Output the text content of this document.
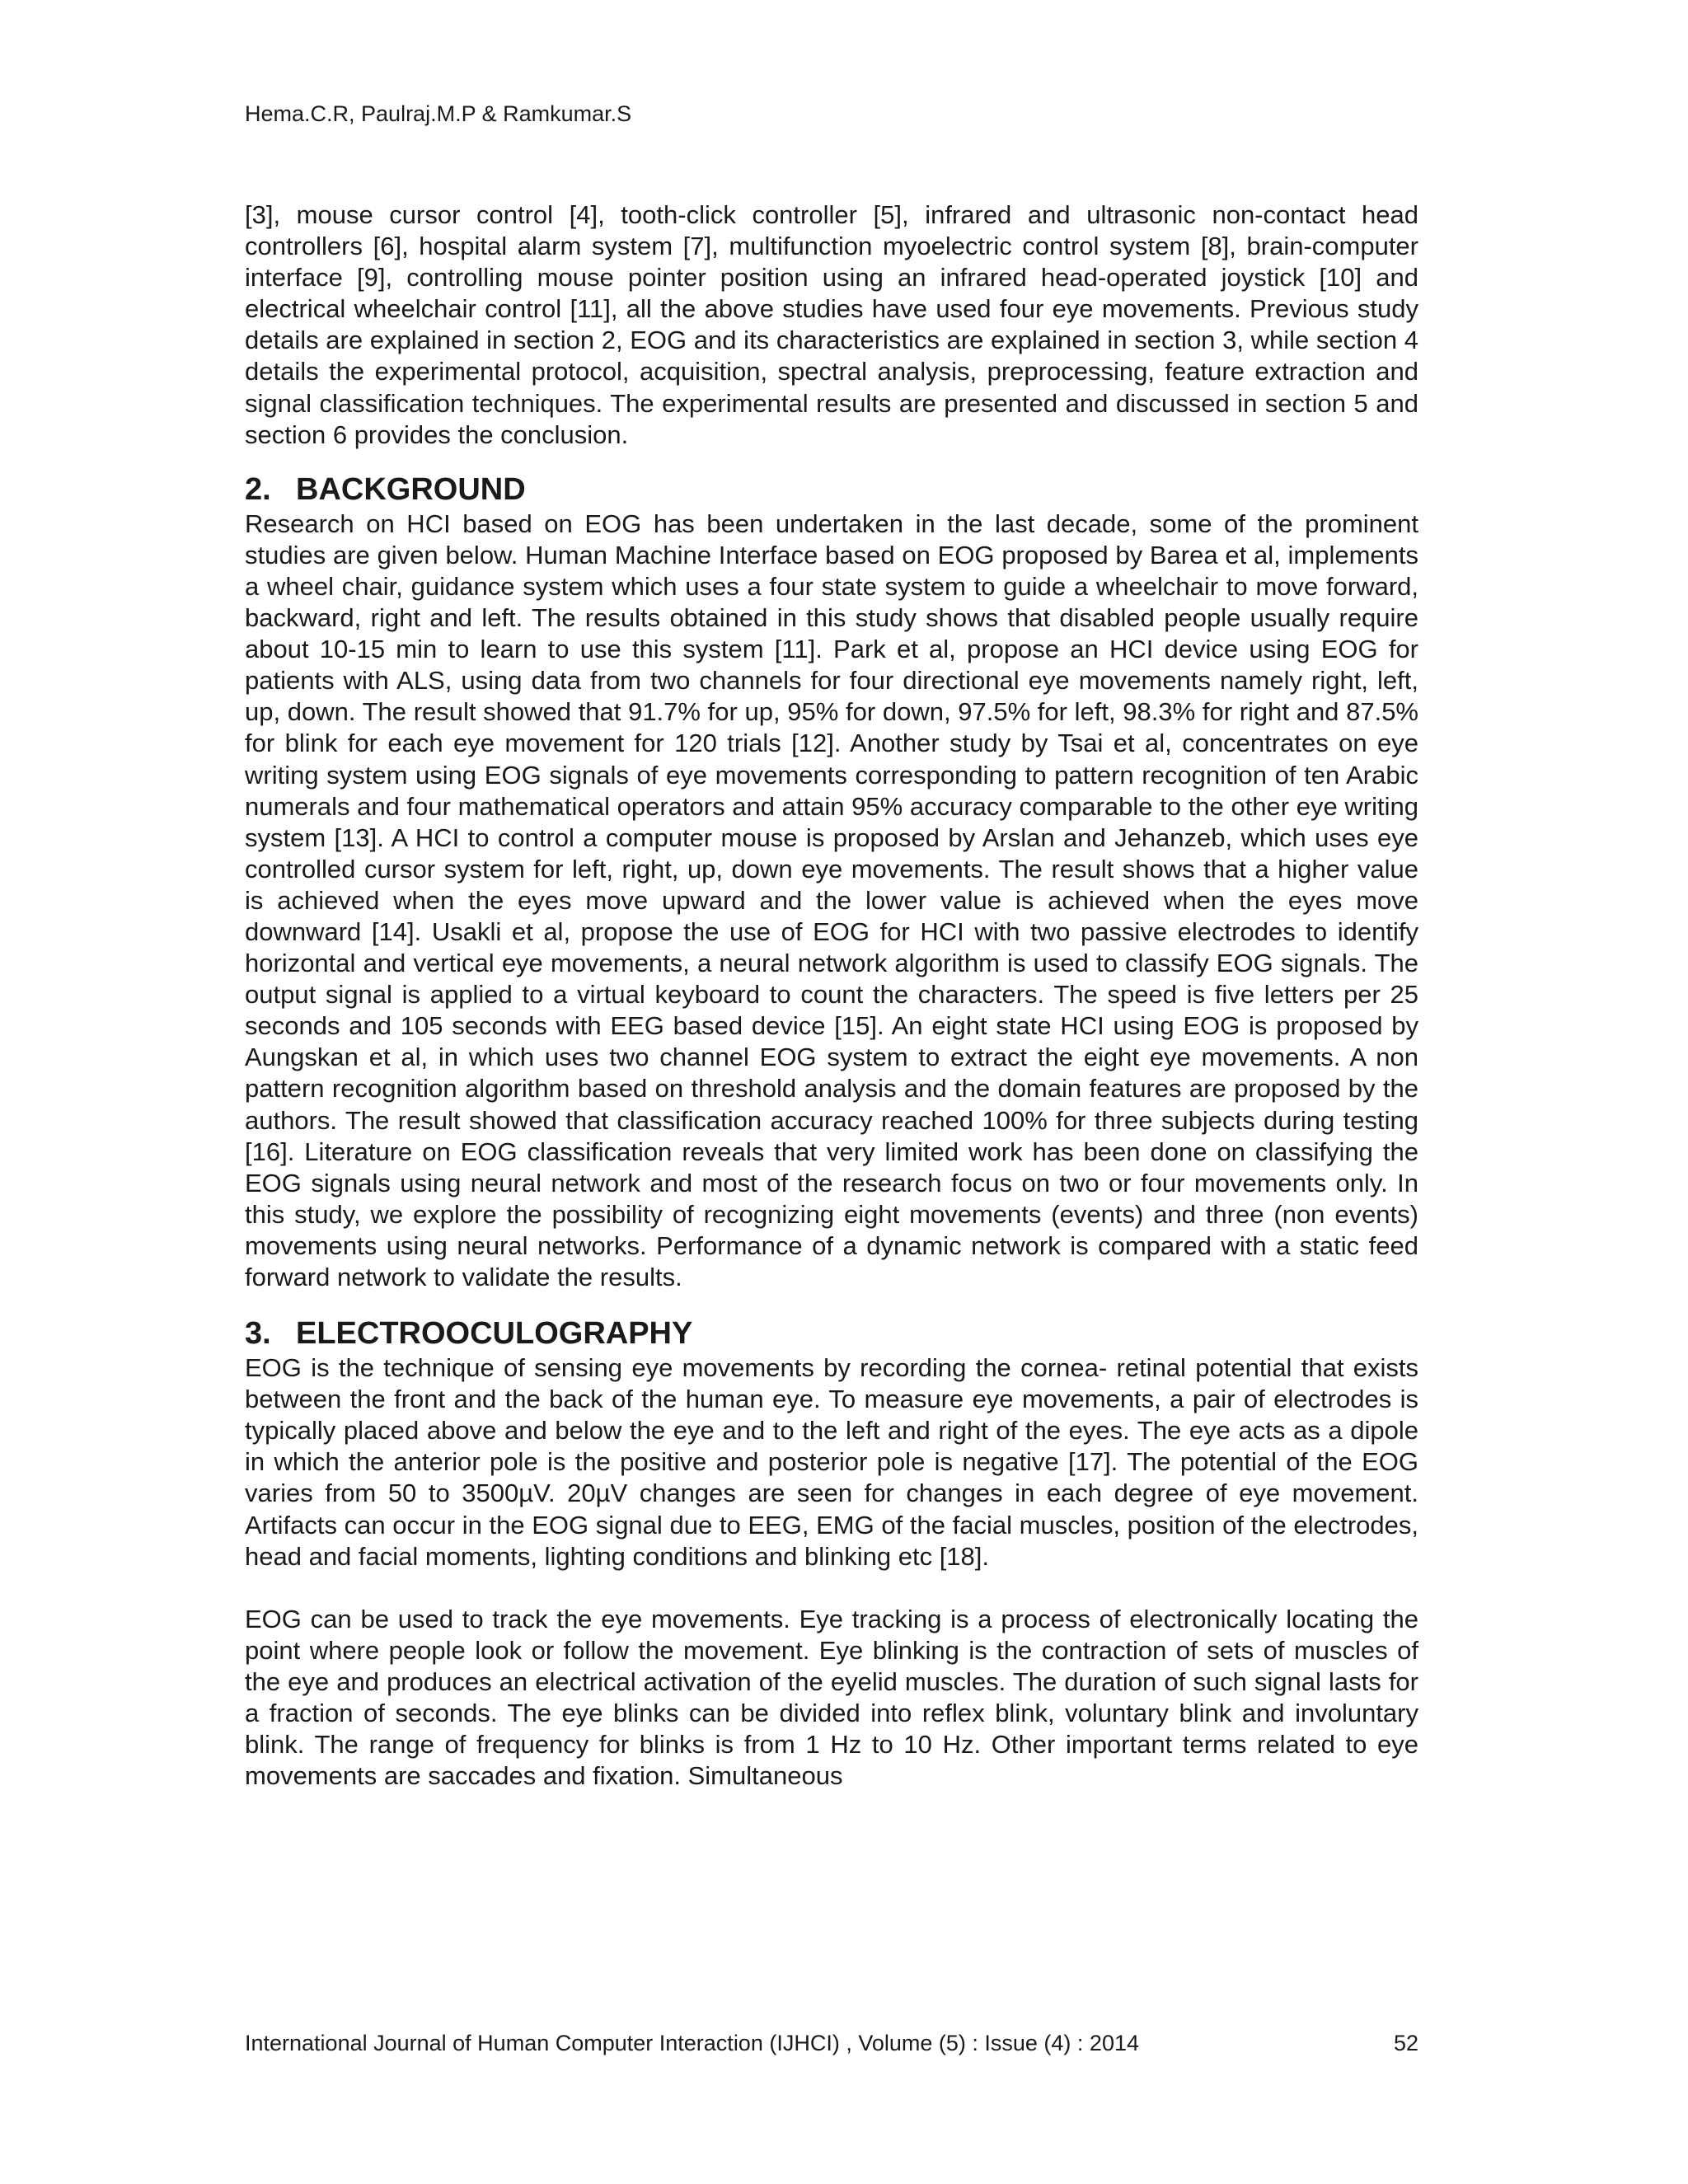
Hema.C.R, Paulraj.M.P & Ramkumar.S

[3], mouse cursor control [4], tooth-click controller [5], infrared and ultrasonic non-contact head controllers [6], hospital alarm system [7], multifunction myoelectric control system [8], brain-computer interface [9], controlling mouse pointer position using an infrared head-operated joystick [10] and electrical wheelchair control [11], all the above studies have used four eye movements. Previous study details are explained in section 2, EOG and its characteristics are explained in section 3, while section 4 details the experimental protocol, acquisition, spectral analysis, preprocessing, feature extraction and signal classification techniques. The experimental results are presented and discussed in section 5 and section 6 provides the conclusion.

2. BACKGROUND

Research on HCI based on EOG has been undertaken in the last decade, some of the prominent studies are given below. Human Machine Interface based on EOG proposed by Barea et al, implements a wheel chair, guidance system which uses a four state system to guide a wheelchair to move forward, backward, right and left. The results obtained in this study shows that disabled people usually require about 10-15 min to learn to use this system [11]. Park et al, propose an HCI device using EOG for patients with ALS, using data from two channels for four directional eye movements namely right, left, up, down. The result showed that 91.7% for up, 95% for down, 97.5% for left, 98.3% for right and 87.5% for blink for each eye movement for 120 trials [12]. Another study by Tsai et al, concentrates on eye writing system using EOG signals of eye movements corresponding to pattern recognition of ten Arabic numerals and four mathematical operators and attain 95% accuracy comparable to the other eye writing system [13]. A HCI to control a computer mouse is proposed by Arslan and Jehanzeb, which uses eye controlled cursor system for left, right, up, down eye movements. The result shows that a higher value is achieved when the eyes move upward and the lower value is achieved when the eyes move downward [14]. Usakli et al, propose the use of EOG for HCI with two passive electrodes to identify horizontal and vertical eye movements, a neural network algorithm is used to classify EOG signals. The output signal is applied to a virtual keyboard to count the characters. The speed is five letters per 25 seconds and 105 seconds with EEG based device [15]. An eight state HCI using EOG is proposed by Aungskan et al, in which uses two channel EOG system to extract the eight eye movements. A non pattern recognition algorithm based on threshold analysis and the domain features are proposed by the authors. The result showed that classification accuracy reached 100% for three subjects during testing [16]. Literature on EOG classification reveals that very limited work has been done on classifying the EOG signals using neural network and most of the research focus on two or four movements only. In this study, we explore the possibility of recognizing eight movements (events) and three (non events) movements using neural networks. Performance of a dynamic network is compared with a static feed forward network to validate the results.

3. ELECTROOCULOGRAPHY

EOG is the technique of sensing eye movements by recording the cornea- retinal potential that exists between the front and the back of the human eye. To measure eye movements, a pair of electrodes is typically placed above and below the eye and to the left and right of the eyes. The eye acts as a dipole in which the anterior pole is the positive and posterior pole is negative [17]. The potential of the EOG varies from 50 to 3500µV. 20µV changes are seen for changes in each degree of eye movement. Artifacts can occur in the EOG signal due to EEG, EMG of the facial muscles, position of the electrodes, head and facial moments, lighting conditions and blinking etc [18].

EOG can be used to track the eye movements. Eye tracking is a process of electronically locating the point where people look or follow the movement. Eye blinking is the contraction of sets of muscles of the eye and produces an electrical activation of the eyelid muscles. The duration of such signal lasts for a fraction of seconds. The eye blinks can be divided into reflex blink, voluntary blink and involuntary blink. The range of frequency for blinks is from 1 Hz to 10 Hz. Other important terms related to eye movements are saccades and fixation. Simultaneous

International Journal of Human Computer Interaction (IJHCI) , Volume (5) : Issue (4) : 2014	52
